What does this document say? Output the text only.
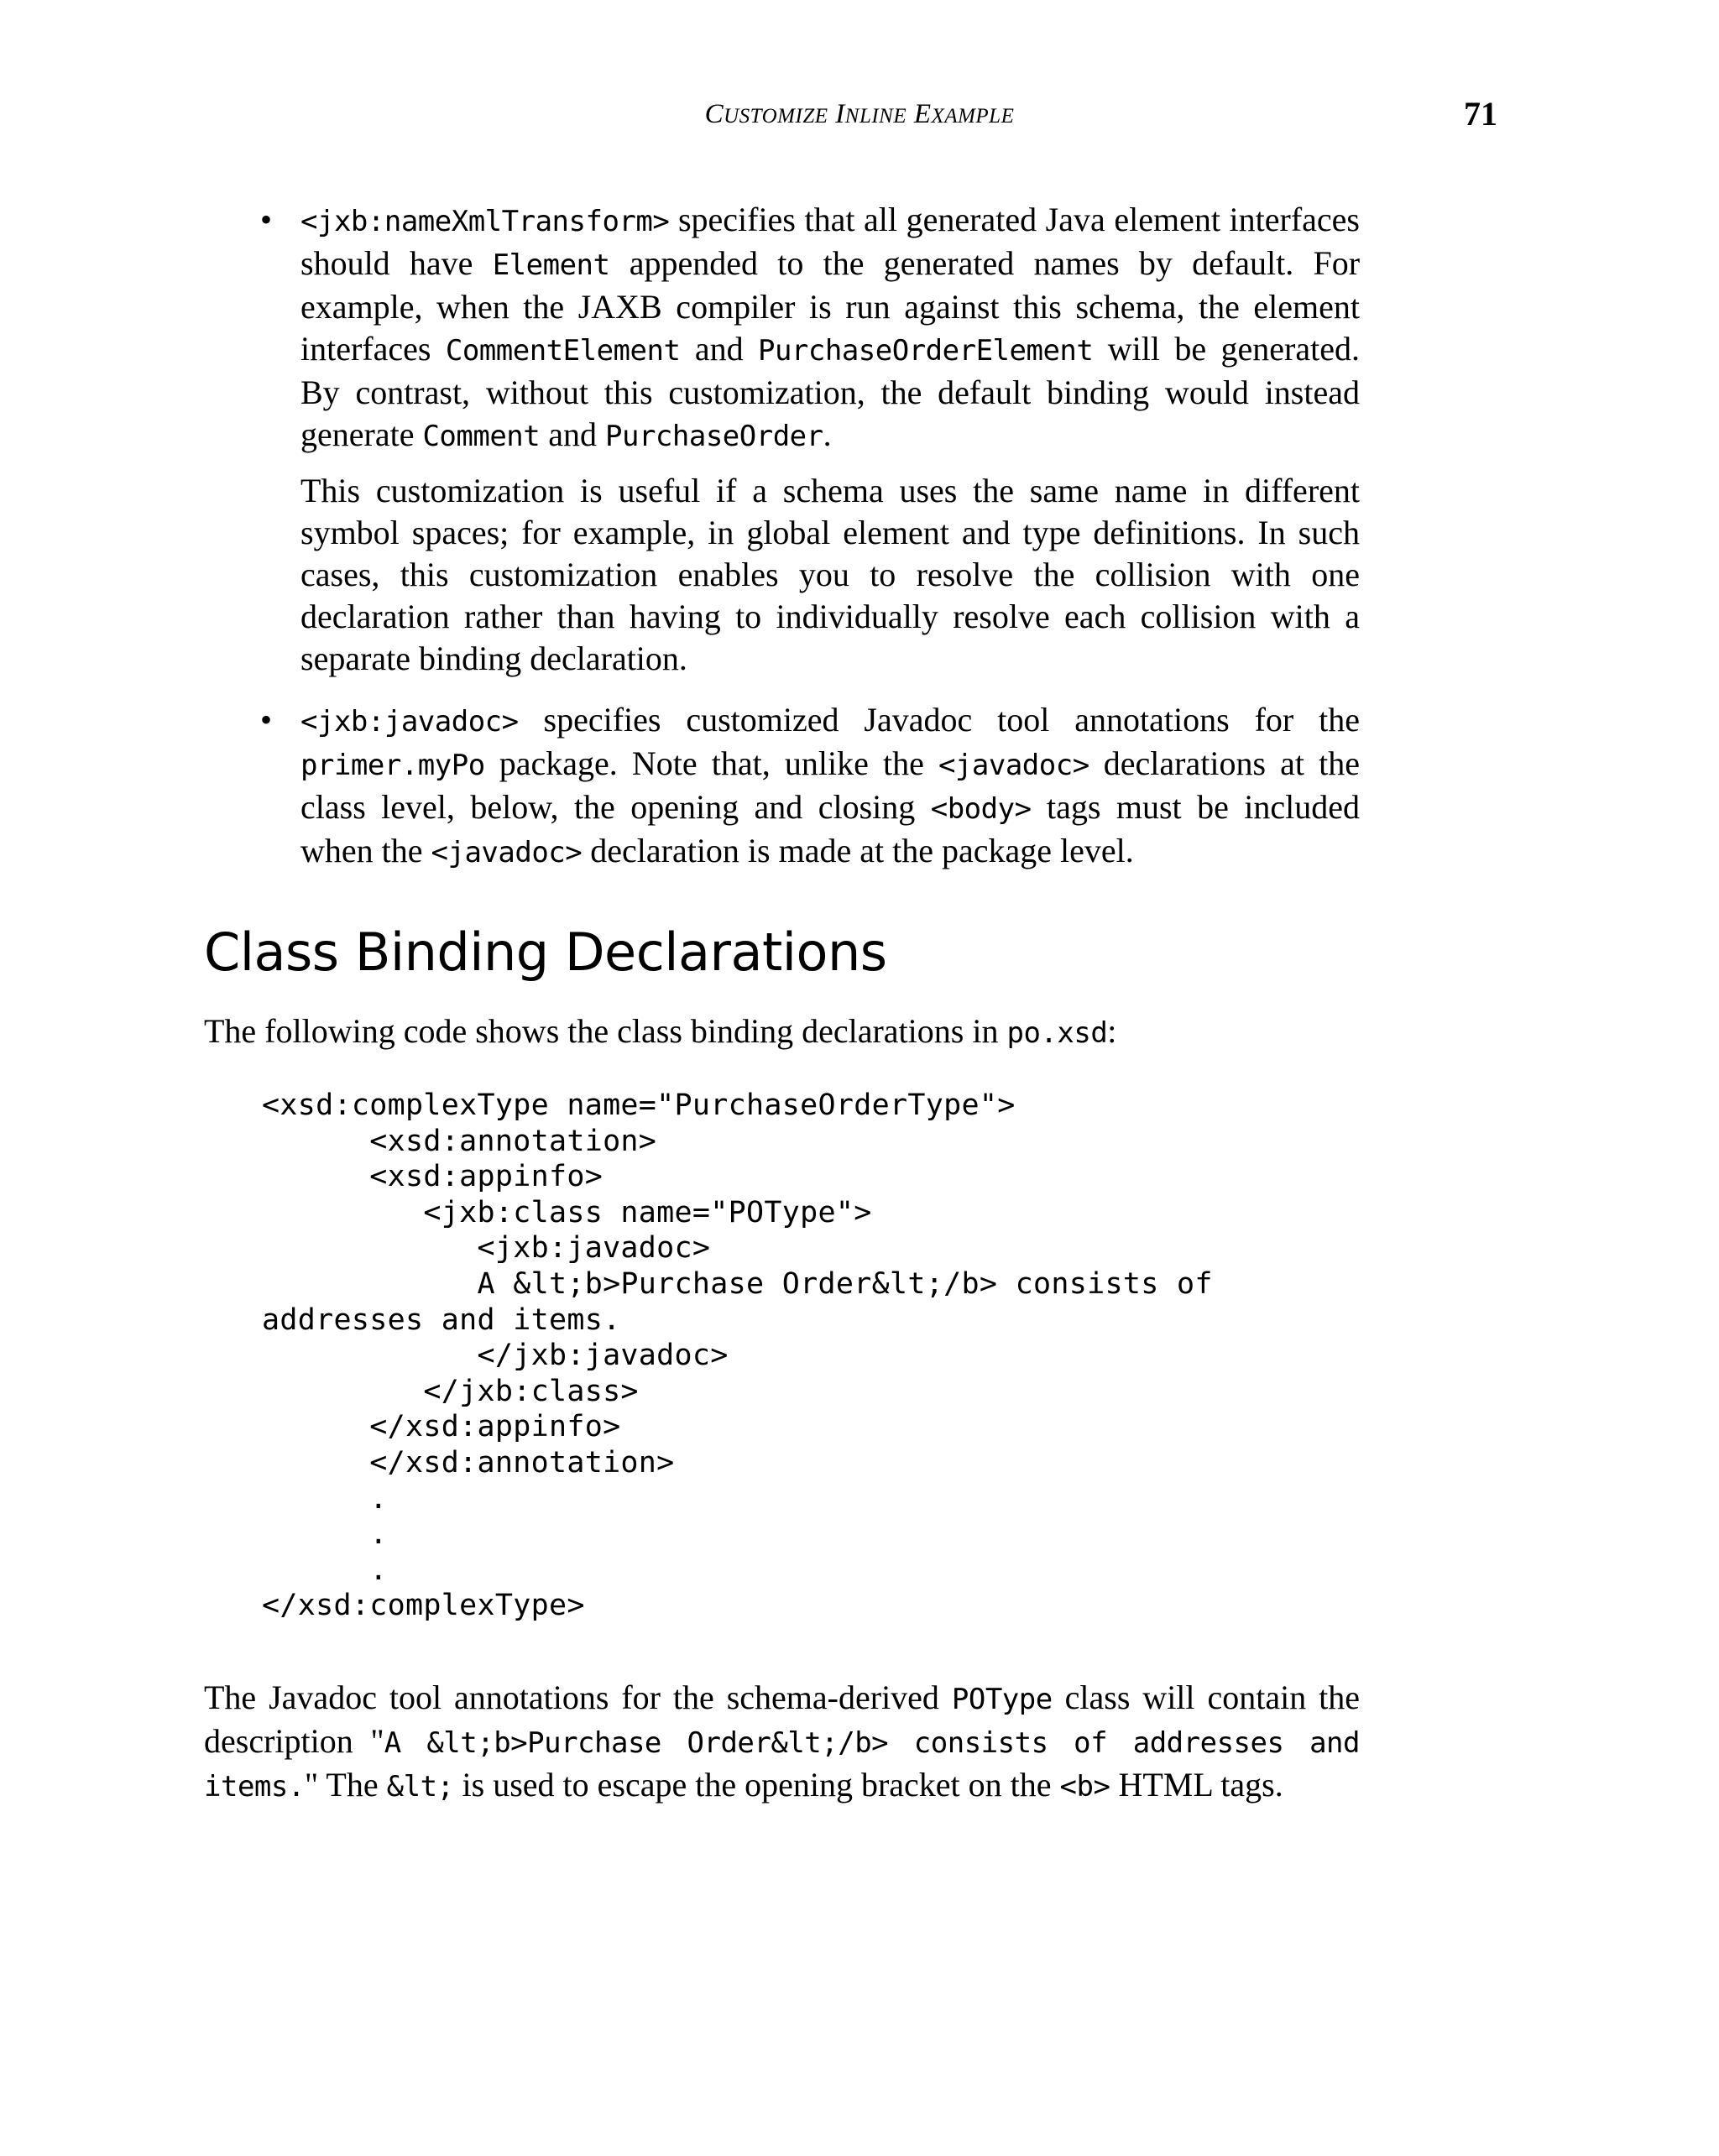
CUSTOMIZE INLINE EXAMPLE	71
• <jxb:nameXmlTransform> specifies that all generated Java element interfaces should have Element appended to the generated names by default. For example, when the JAXB compiler is run against this schema, the element interfaces CommentElement and PurchaseOrderElement will be generated. By contrast, without this customization, the default binding would instead generate Comment and PurchaseOrder.
This customization is useful if a schema uses the same name in different symbol spaces; for example, in global element and type definitions. In such cases, this customization enables you to resolve the collision with one declaration rather than having to individually resolve each collision with a separate binding declaration.
• <jxb:javadoc> specifies customized Javadoc tool annotations for the primer.myPo package. Note that, unlike the <javadoc> declarations at the class level, below, the opening and closing <body> tags must be included when the <javadoc> declaration is made at the package level.
Class Binding Declarations
The following code shows the class binding declarations in po.xsd:
<xsd:complexType name="PurchaseOrderType">
<xsd:annotation>
<xsd:appinfo>
<jxb:class name="POType">
<jxb:javadoc>
A &lt;b>Purchase Order&lt;/b> consists of
addresses and items.
</jxb:javadoc>
</jxb:class>
</xsd:appinfo>
</xsd:annotation>
.
.
.
</xsd:complexType>
The Javadoc tool annotations for the schema-derived POType class will contain the description "A &lt;b>Purchase Order&lt;/b> consists of addresses and items." The &lt; is used to escape the opening bracket on the <b> HTML tags.
